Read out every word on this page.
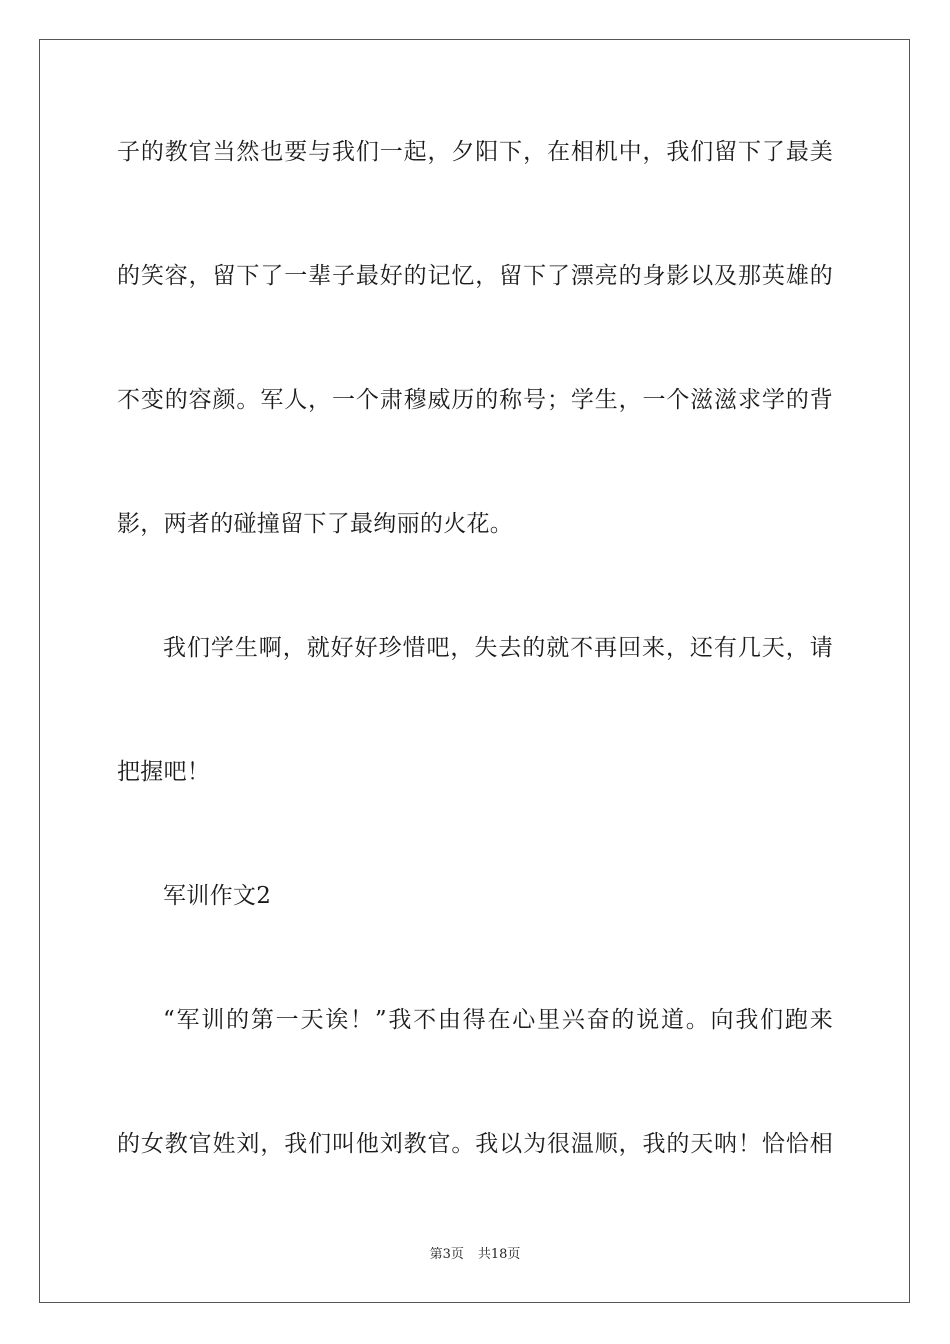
子的教官当然也要与我们一起，夕阳下，在相机中，我们留下了最美
的笑容，留下了一辈子最好的记忆，留下了漂亮的身影以及那英雄的
不变的容颜。军人，一个肃穆威历的称号；学生，一个滋滋求学的背
影，两者的碰撞留下了最绚丽的火花。
我们学生啊，就好好珍惜吧，失去的就不再回来，还有几天，请
把握吧！
军训作文2
“军训的第一天诶！”我不由得在心里兴奋的说道。向我们跑来
的女教官姓刘，我们叫他刘教官。我以为很温顺，我的天呐！恰恰相
第3页 共18页
